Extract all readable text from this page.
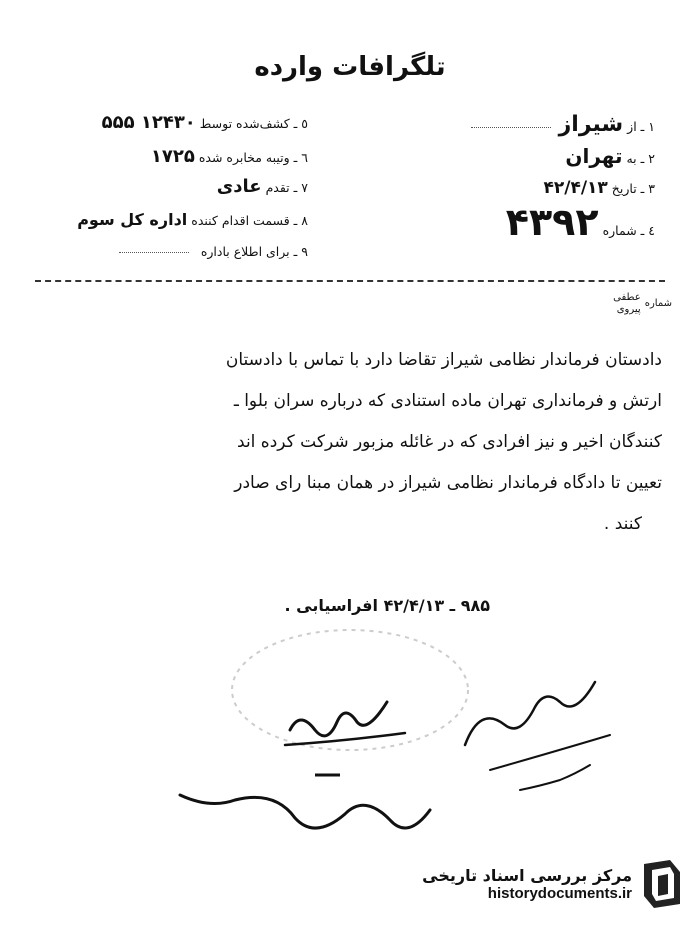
تلگرافات وارده
۱ ـ از
شیراز
۲ ـ به
تهران
۳ ـ تاریخ
۴۲/۴/۱۳
٤ ـ شماره
۴۳۹۲
٥ ـ کشف‌شده توسط
۱۲۴۳۰ ۵۵۵
٦ ـ وتیبه مخابره شده
۱۷۲۵
٧ ـ تقدم
عادی
٨ ـ قسمت اقدام کننده
اداره کل سوم
٩ ـ برای اطلاع باداره
شماره
عطفی
پیروی
دادستان فرماندار نظامی شیراز تقاضا دارد با تماس با دادستان
ارتش و فرمانداری تهران ماده استنادی که درباره سران بلوا ـ
کنندگان اخیر و نیز افرادی که در غائله مزبور شرکت کرده اند
تعیین تا دادگاه فرماندار نظامی شیراز در همان مبنا رای صادر
کنند .
۹۸۵ ـ ۴۲/۴/۱۳ افراسیابی .
مرکز بررسی اسناد تاریخی
historydocuments.ir
